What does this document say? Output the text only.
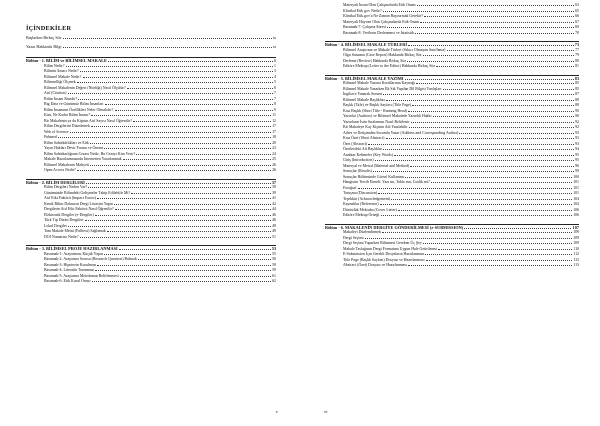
İÇİNDEKİLER
Başlarken Birkaç Söz	ix
Yazar Hakkında Bilgi	xi
Bölüm - 1. BİLİM ve BİLİMSEL MAKALE	1
Bilim Nedir?	1
Bilimin Amacı Nedir?	3
Bilimsel Makale Nedir?	4
Bilimselliği Ölçmek	5
Bilimsel Makalenin Değeri (Niteliği) Nasıl Ölçülür?	6
Atıf (Citation)	7
Bilim İnsanı Kimdir?	7
Big Data ve Günümüz Bilim İnsanları	8
Bilim İnsanının Özellikleri Neler Olmalıdır?	9
Kim, Ne Kadar Bilim İnsanı?	11
Bir Makalenin ya da Kişinin Atıf Sayısı Nasıl Öğrenilir?	12
Bilim Dergilerini Dizinlemek	17
Web of Science	17
Pubmed	18
Bilim Sahtekârlıkları ve Etik	20
Yayın Hakları Devir Formu ve Önemi	23
Bilim Sahtekarlığının Cezası Nedir, Bu Cezayı Kim Verir?	24
Makale Hazırlanmasında İnternetten Yararlanmak	25
Bilimsel Makalenin Maliyeti	26
Open Access Nedir?	26
Bölüm - 2. BİLİM DERGİLERİ	37
Bilim Dergileri Neden Var?	39
Günümüzde Bilimdeki Gelişmeler Takip Edilebilir Mi?	39
Atıf Etki Faktörü (Impact Factor)	41
Kendi Bilim Dalınızın Dergi Listesini Yapın	42
Dergilerin Atıf Etki Faktörü Nasıl Öğrenilir?	44
Elektronik Dergiler (e-Dergiler)	46
Türk Tıp Dizini Dergileri	46
Lokal Dergiler	48
Tam Makale Metni (Fulltext) Sağlamak	49
DOI Numarası Nedir?	51
Bölüm - 3. BİLİMSEL PROJE HAZIRLANMASI	53
Basamak-1: Araştırması Küçük Yapın	55
Basamak-2: Araştırma Sorusu (Research Question) Bulmak	56
Basamak-3: Hipotezin Kurulması	58
Basamak-4: Literatür Taranması	59
Basamak-5: Araştırma Metodunun Belirlenmesi	61
Basamak-6: Etik Kurul Onayı	62
v
Materyali İnsan Olan Çalışmalarda Etik Onam	63
Klinikal Etik gov Nedir?	65
Klinikal Etik.gov'a Ne Zaman Başvurmak Gerekir?	66
Materyali Hayvan Olan Çalışmalarda Etik Onam	67
Basamak-7: Çalışma Süresi	69
Basamak-8: Verilerin Derlenmesi ve İstatistik	70
Bölüm - 4. BİLİMSEL MAKALE TÜRLERİ	73
Bilimsel Araştırma ve Makale Türleri (Sıkıcı Olmayan Sınıflama)	77
Olgu Sunumu (Case Report) Hakkında Birkaç Söz	79
Derleme (Review) Hakkında Birkaç Söz	80
Editöre Mektup (Letter to the Editor) Hakkında Birkaç Söz	81
Bölüm - 5. BİLİMSEL MAKALE YAZIMI	83
Bilimsel Makale Yazımı Kurallarının Kaynağı	85
Bilimsel Makale Yazarken İlk Sık Yapılan Dil Bilgisi Yanlışları	85
İngilizce Yazmak Sorunu	87
Bilimsel Makale Başlıkları	88
Başlık (Title) ve Başlık Sayfası (Title Page)	88
Kısa Başlık (Short Title - Running Head)	90
Yazarlar (Authors) ve Bilimsel Makalede Yazarlık Hakkı	90
Yazarların İsim Sıralaması Nasıl Belirlenir	92
Bir Makaleye Kaç Kişinin Adı Yazılabilir	92
Adres ve İletişimden Sorumlu Yazar (Address and Corresponding Author)	93
Kısa Özet (Short Abstract)	93
Özet (Abstract)	93
Özetlerdeki Alt Başlıklar	94
Anahtar Kelimeler (Key Words)	95
Giriş (Introduction)	95
Materyal ve Metod (Material and Method)	96
Sonuçlar (Results)	99
Sonuçlar Bölümünde Görsel Kullanımı	100
Hangisini Tercih Etmeli: Yazı mı, Tablo mu, Grafik mi?	101
Fotoğraf	101
Tartışma (Discussion)	101
Teşekkür (Acknowledgement)	104
Kaynaklar (Reference)	104
Dürüstlük Mektubu (Cover Letter)	106
Editöre Mektup Örneği	106
Bölüm - 6. MAKALENİN DERGİYE GÖNDERİLMESİ (e-SUBMISSION)	107
Makaleyi Düzlendirmek	109
Dergi Seçimi	109
Dergi Seçimi Yaparken Bilinmesi Gereken Üç Şey	109
Makale Tasluğının Dergi Formatına Uygun Hale Getirilmesi	110
E-Submission İçin Gerekli Dosyaların Hazırlanması	112
Title Page (Başlık Sayfası) Dosyası ve Hazırlanması	113
Abstract (Özet) Dosyası ve Hazırlanması	113
vi
